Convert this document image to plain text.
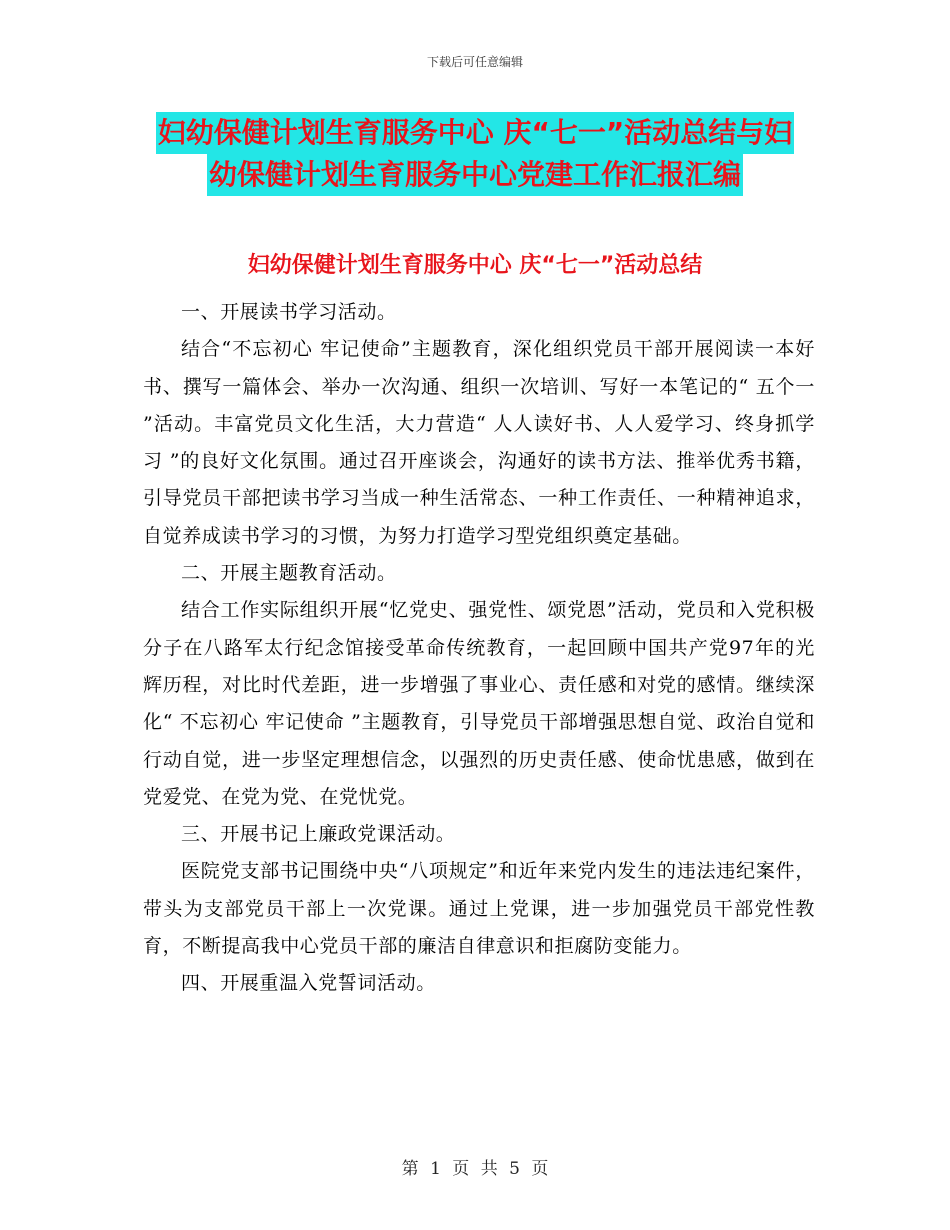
下载后可任意编辑
妇幼保健计划生育服务中心 庆“七一”活动总结与妇
幼保健计划生育服务中心党建工作汇报汇编
妇幼保健计划生育服务中心 庆“七一”活动总结

一、开展读书学习活动。

结合“不忘初心 牢记使命”主题教育，深化组织党员干部开展阅读一本好书、撰写一篇体会、举办一次沟通、组织一次培训、写好一本笔记的“ 五个一 ”活动。丰富党员文化生活，大力营造“ 人人读好书、人人爱学习、终身抓学习 ”的良好文化氛围。通过召开座谈会，沟通好的读书方法、推举优秀书籍，引导党员干部把读书学习当成一种生活常态、一种工作责任、一种精神追求，自觉养成读书学习的习惯，为努力打造学习型党组织奠定基础。

二、开展主题教育活动。

结合工作实际组织开展“忆党史、强党性、颂党恩”活动，党员和入党积极分子在八路军太行纪念馆接受革命传统教育，一起回顾中国共产党97年的光辉历程，对比时代差距，进一步增强了事业心、责任感和对党的感情。继续深化“ 不忘初心 牢记使命 ”主题教育，引导党员干部增强思想自觉、政治自觉和行动自觉，进一步坚定理想信念，以强烈的历史责任感、使命忧患感，做到在党爱党、在党为党、在党忧党。

三、开展书记上廉政党课活动。

医院党支部书记围绕中央“八项规定”和近年来党内发生的违法违纪案件，带头为支部党员干部上一次党课。通过上党课，进一步加强党员干部党性教育，不断提高我中心党员干部的廉洁自律意识和拒腐防变能力。

四、开展重温入党誓词活动。

第 1 页 共 5 页
